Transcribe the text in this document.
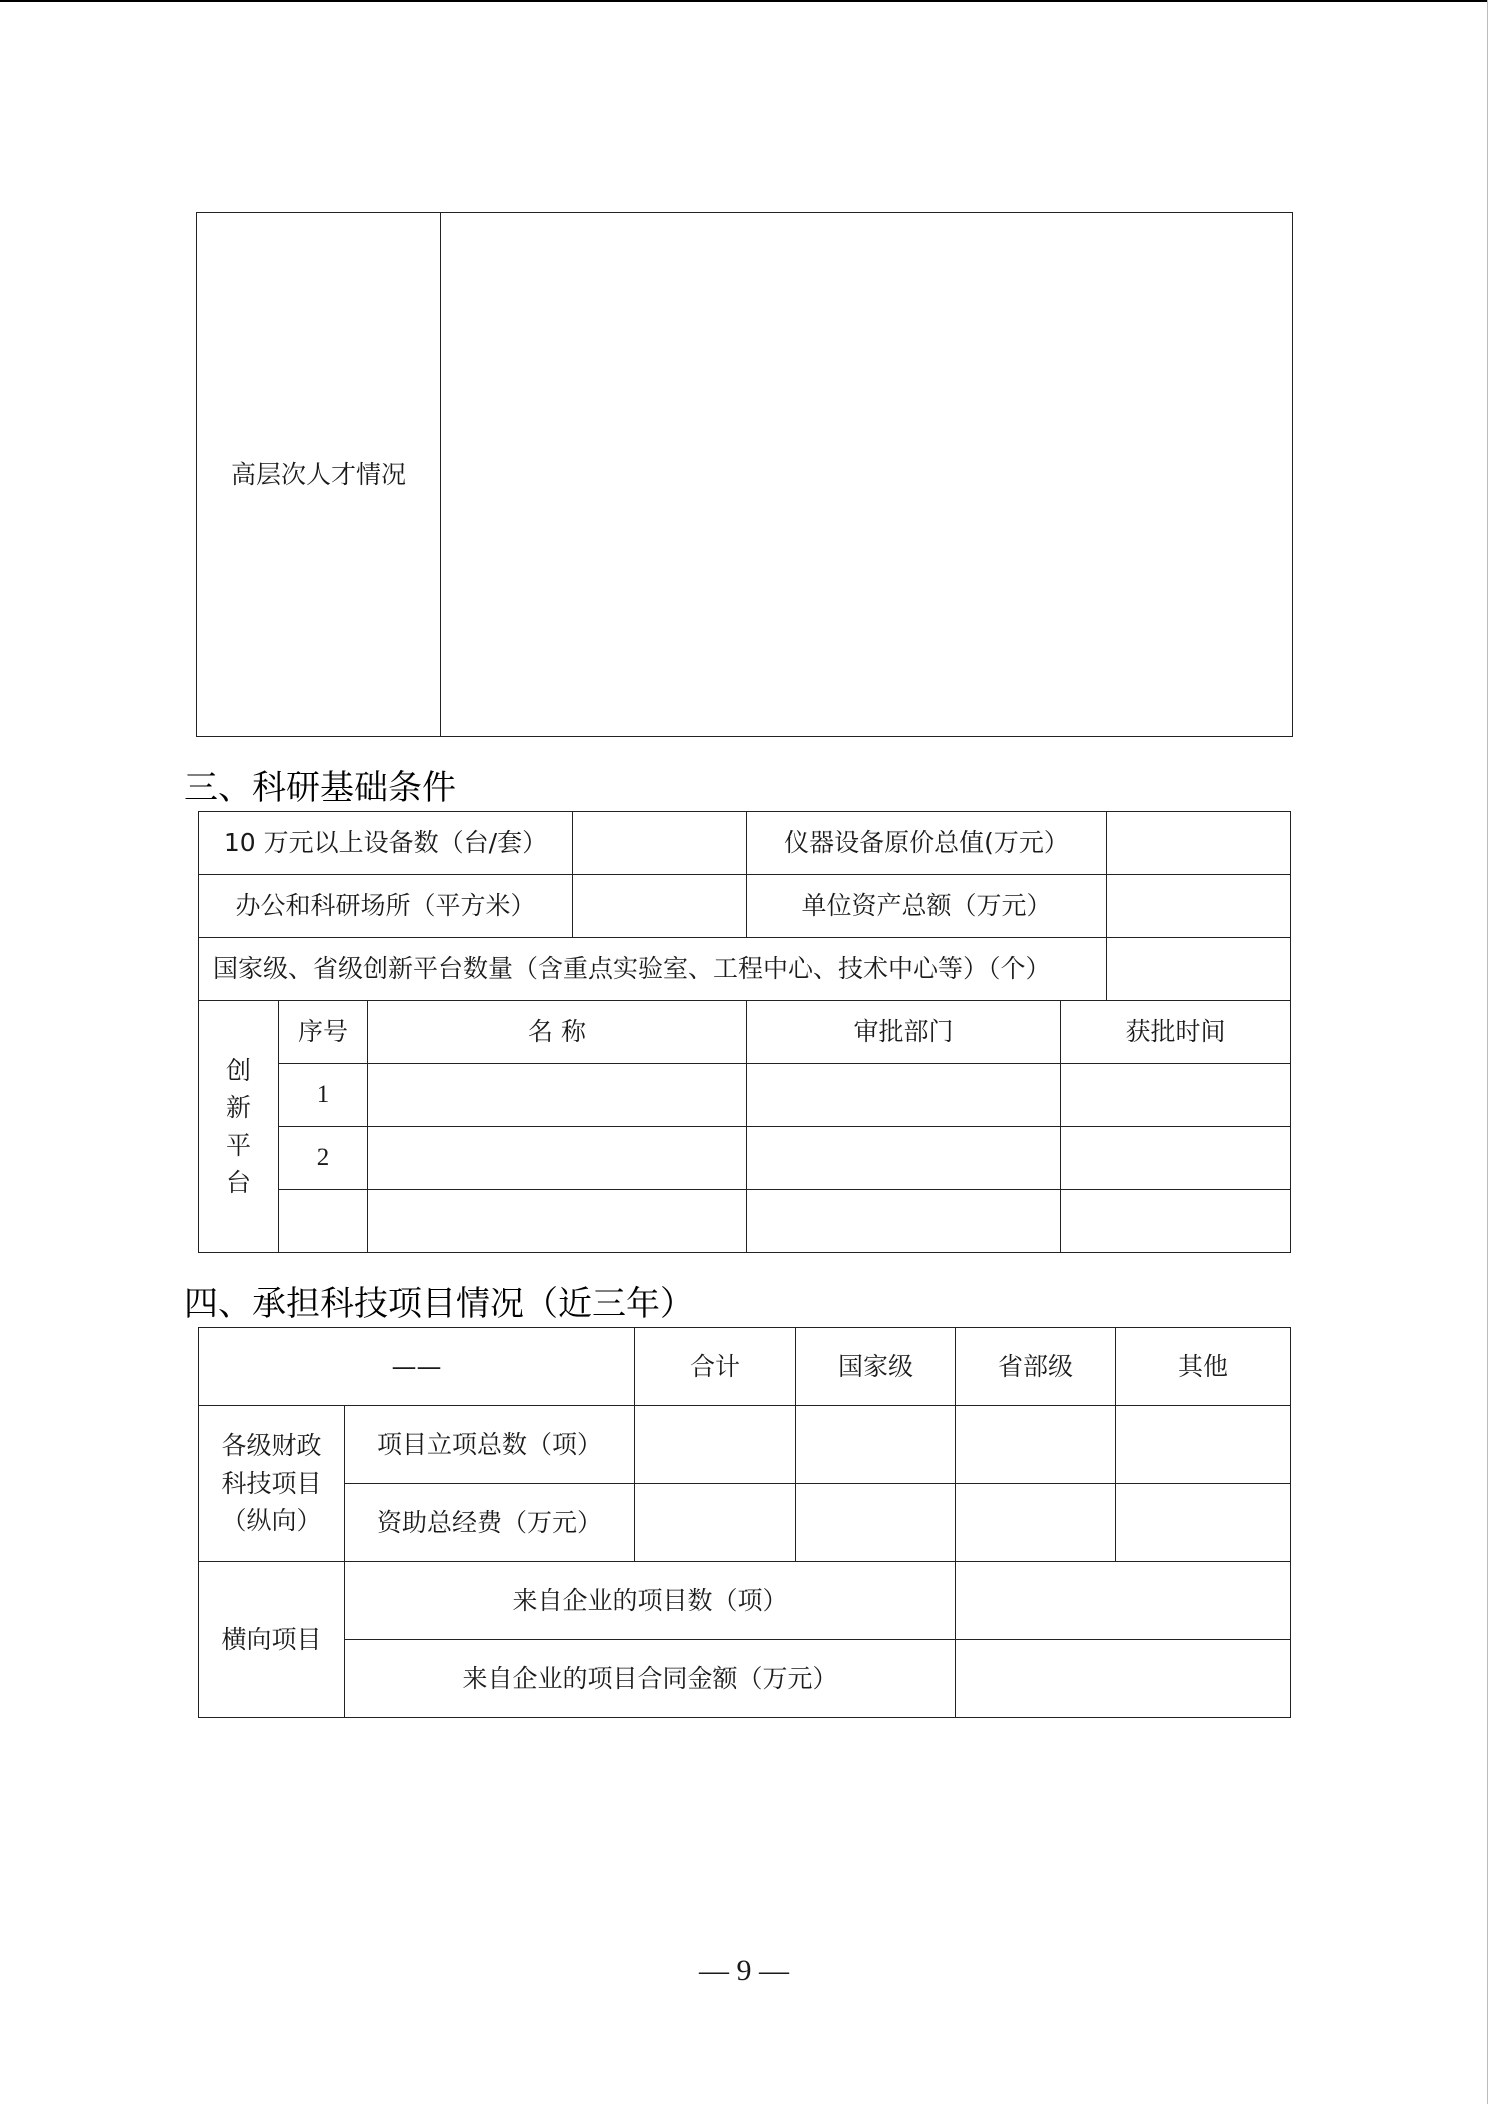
高层次人才情况	
三、科研基础条件
10 万元以上设备数（台/套）				仪器设备原价总值(万元）		
办公和科研场所（平方米）				单位资产总额（万元）		
国家级、省级创新平台数量（含重点实验室、工程中心、技术中心等）（个）						

创
新
平
台	序号	名 称		审批部门	获批时间	
	1					
	2					

四、承担科技项目情况（近三年）
——		合计	国家级	省部级	其他

各级财政
科技项目
（纵向）	项目立项总数（项）				
	资助总经费（万元）				
横向项目	来自企业的项目数（项）				
	来自企业的项目合同金额（万元）				
— 9 —
